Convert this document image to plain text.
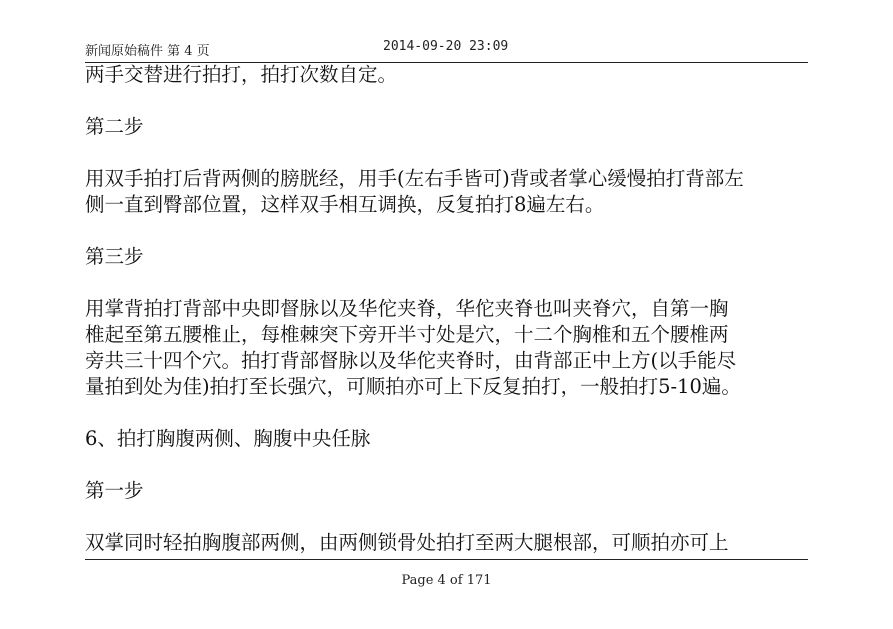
新闻原始稿件 第 4 页	2014-09-20 23:09

两手交替进行拍打，拍打次数自定。

第二步

用双手拍打后背两侧的膀胱经，用手(左右手皆可)背或者掌心缓慢拍打背部左
侧一直到臀部位置，这样双手相互调换，反复拍打8遍左右。

第三步

用掌背拍打背部中央即督脉以及华佗夹脊，华佗夹脊也叫夹脊穴，自第一胸
椎起至第五腰椎止，每椎棘突下旁开半寸处是穴，十二个胸椎和五个腰椎两
旁共三十四个穴。拍打背部督脉以及华佗夹脊时，由背部正中上方(以手能尽
量拍到处为佳)拍打至长强穴，可顺拍亦可上下反复拍打，一般拍打5-10遍。

6、拍打胸腹两侧、胸腹中央任脉

第一步

双掌同时轻拍胸腹部两侧，由两侧锁骨处拍打至两大腿根部，可顺拍亦可上

Page 4 of 171
